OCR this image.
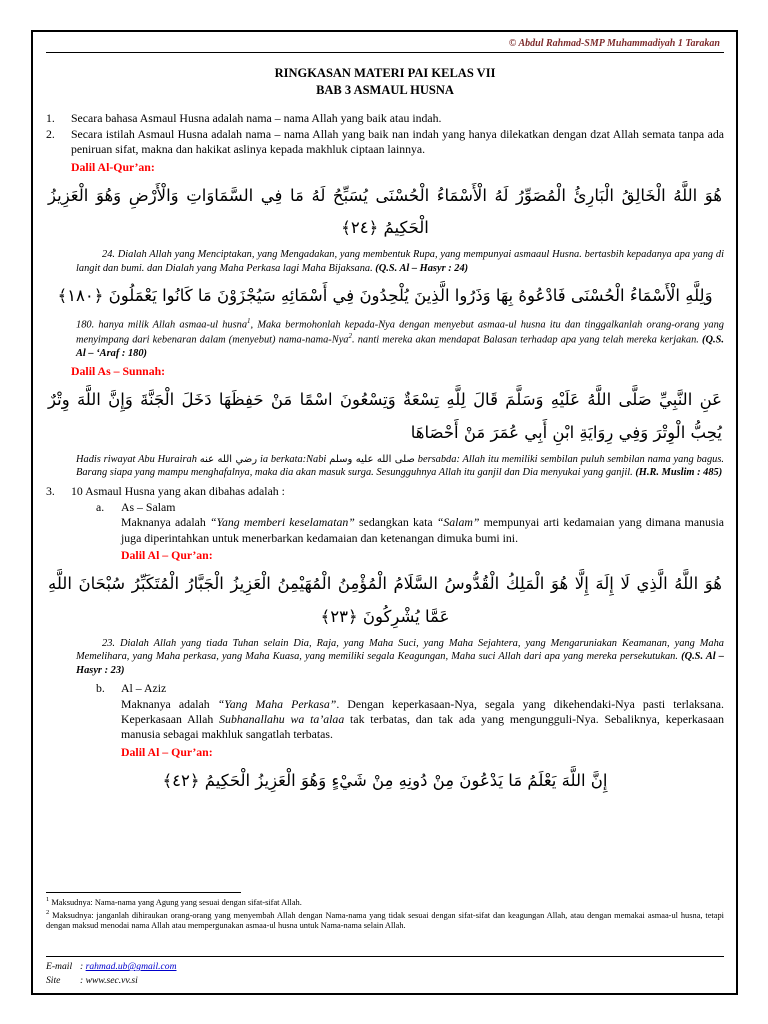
© Abdul Rahmad-SMP Muhammadiyah 1 Tarakan
RINGKASAN MATERI PAI KELAS VII
BAB 3 ASMAUL HUSNA
1.	Secara bahasa Asmaul Husna adalah nama – nama Allah yang baik atau indah.
2.	Secara istilah Asmaul Husna adalah nama – nama Allah yang baik nan indah yang hanya dilekatkan dengan dzat Allah semata tanpa ada peniruan sifat, makna dan hakikat aslinya kepada makhluk ciptaan lainnya.
Dalil Al-Qur’an:
هُوَ اللَّهُ الْخَالِقُ الْبَارِئُ الْمُصَوِّرُ لَهُ الْأَسْمَاءُ الْحُسْنَى يُسَبِّحُ لَهُ مَا فِي السَّمَاوَاتِ وَالْأَرْضِ وَهُوَ الْعَزِيزُ الْحَكِيمُ ﴿٢٤﴾
24. Dialah Allah yang Menciptakan, yang Mengadakan, yang membentuk Rupa, yang mempunyai asmaaul Husna. bertasbih kepadanya apa yang di langit dan bumi. dan Dialah yang Maha Perkasa lagi Maha Bijaksana. (Q.S. Al – Hasyr : 24)
وَلِلَّهِ الْأَسْمَاءُ الْحُسْنَى فَادْعُوهُ بِهَا وَذَرُوا الَّذِينَ يُلْحِدُونَ فِي أَسْمَائِهِ سَيُجْزَوْنَ مَا كَانُوا يَعْمَلُونَ ﴿١٨٠﴾
180. hanya milik Allah asmaa-ul husna$^1$, Maka bermohonlah kepada-Nya dengan menyebut asmaa-ul husna itu dan tinggalkanlah orang-orang yang menyimpang dari kebenaran dalam (menyebut) nama-nama-Nya$^2$. nanti mereka akan mendapat Balasan terhadap apa yang telah mereka kerjakan. (Q.S. Al – ‘Araf : 180)
Dalil As – Sunnah:
عَنِ النَّبِيِّ صَلَّى اللَّهُ عَلَيْهِ وَسَلَّمَ قَالَ لِلَّهِ تِسْعَةٌ وَتِسْعُونَ اسْمًا مَنْ حَفِظَهَا دَخَلَ الْجَنَّةَ وَإِنَّ اللَّهَ وِتْرٌ يُحِبُّ الْوِتْرَ وَفِي رِوَايَةِ ابْنِ أَبِي عُمَرَ مَنْ أَحْصَاهَا
Hadis riwayat Abu Hurairah رضي الله عنه ia berkata:Nabi صلى الله عليه وسلم bersabda: Allah itu memiliki sembilan puluh sembilan nama yang bagus. Barang siapa yang mampu menghafalnya, maka dia akan masuk surga. Sesungguhnya Allah itu ganjil dan Dia menyukai yang ganjil. (H.R. Muslim : 485)
3.	10 Asmaul Husna yang akan dibahas adalah :
a.	As – Salam
Maknanya adalah “Yang memberi keselamatan” sedangkan kata “Salam” mempunyai arti kedamaian yang dimana manusia juga diperintahkan untuk menerbarkan kedamaian dan ketenangan dimuka bumi ini.
Dalil Al – Qur’an:
هُوَ اللَّهُ الَّذِي لَا إِلَهَ إِلَّا هُوَ الْمَلِكُ الْقُدُّوسُ السَّلَامُ الْمُؤْمِنُ الْمُهَيْمِنُ الْعَزِيزُ الْجَبَّارُ الْمُتَكَبِّرُ سُبْحَانَ اللَّهِ عَمَّا يُشْرِكُونَ ﴿٢٣﴾
23. Dialah Allah yang tiada Tuhan selain Dia, Raja, yang Maha Suci, yang Maha Sejahtera, yang Mengaruniakan Keamanan, yang Maha Memelihara, yang Maha perkasa, yang Maha Kuasa, yang memiliki segala Keagungan, Maha suci Allah dari apa yang mereka persekutukan. (Q.S. Al – Hasyr : 23)
b.	Al – Aziz
Maknanya adalah “Yang Maha Perkasa”. Dengan keperkasaan-Nya, segala yang dikehendaki-Nya pasti terlaksana. Keperkasaan Allah Subhanallahu wa ta’alaa tak terbatas, dan tak ada yang mengungguli-Nya. Sebaliknya, keperkasaan manusia sebagai makhluk sangatlah terbatas.
Dalil Al – Qur’an:
إِنَّ اللَّهَ يَعْلَمُ مَا يَدْعُونَ مِنْ دُونِهِ مِنْ شَيْءٍ وَهُوَ الْعَزِيزُ الْحَكِيمُ ﴿٤٢﴾
$^1$ Maksudnya: Nama-nama yang Agung yang sesuai dengan sifat-sifat Allah.
$^2$ Maksudnya: janganlah dihiraukan orang-orang yang menyembah Allah dengan Nama-nama yang tidak sesuai dengan sifat-sifat dan keagungan Allah, atau dengan memakai asmaa-ul husna, tetapi dengan maksud menodai nama Allah atau mempergunakan asmaa-ul husna untuk Nama-nama selain Allah.
E-mail : rahmad.ub@gmail.com
Site : www.sec.vv.si
